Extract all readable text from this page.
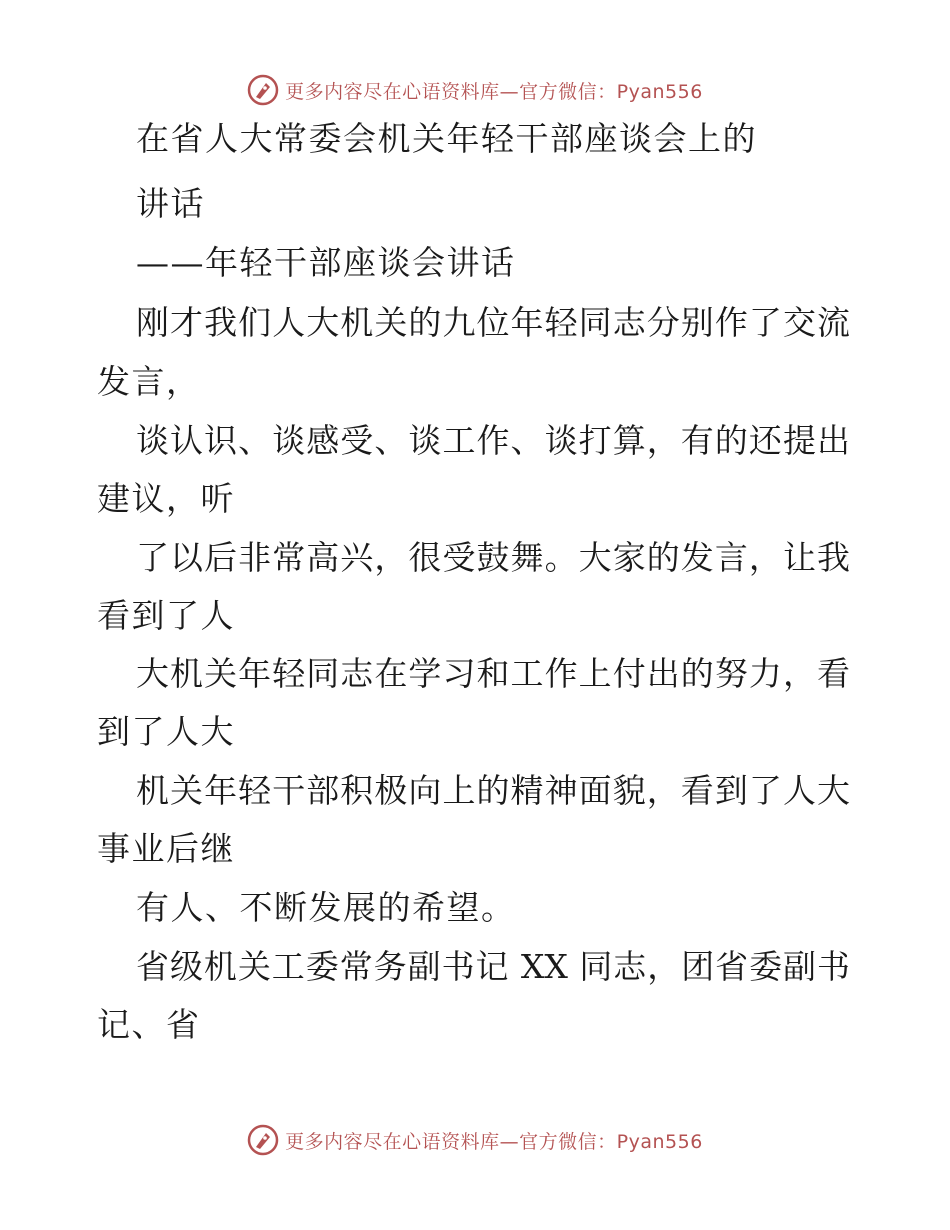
更多内容尽在心语资料库—官方微信：Pyan556
在省人大常委会机关年轻干部座谈会上的
讲话
——年轻干部座谈会讲话
刚才我们人大机关的九位年轻同志分别作了交流
发言，
谈认识、谈感受、谈工作、谈打算，有的还提出
建议，听
了以后非常高兴，很受鼓舞。大家的发言，让我
看到了人
大机关年轻同志在学习和工作上付出的努力，看
到了人大
机关年轻干部积极向上的精神面貌，看到了人大
事业后继
有人、不断发展的希望。
省级机关工委常务副书记 XX 同志，团省委副书
记、省
更多内容尽在心语资料库—官方微信：Pyan556
